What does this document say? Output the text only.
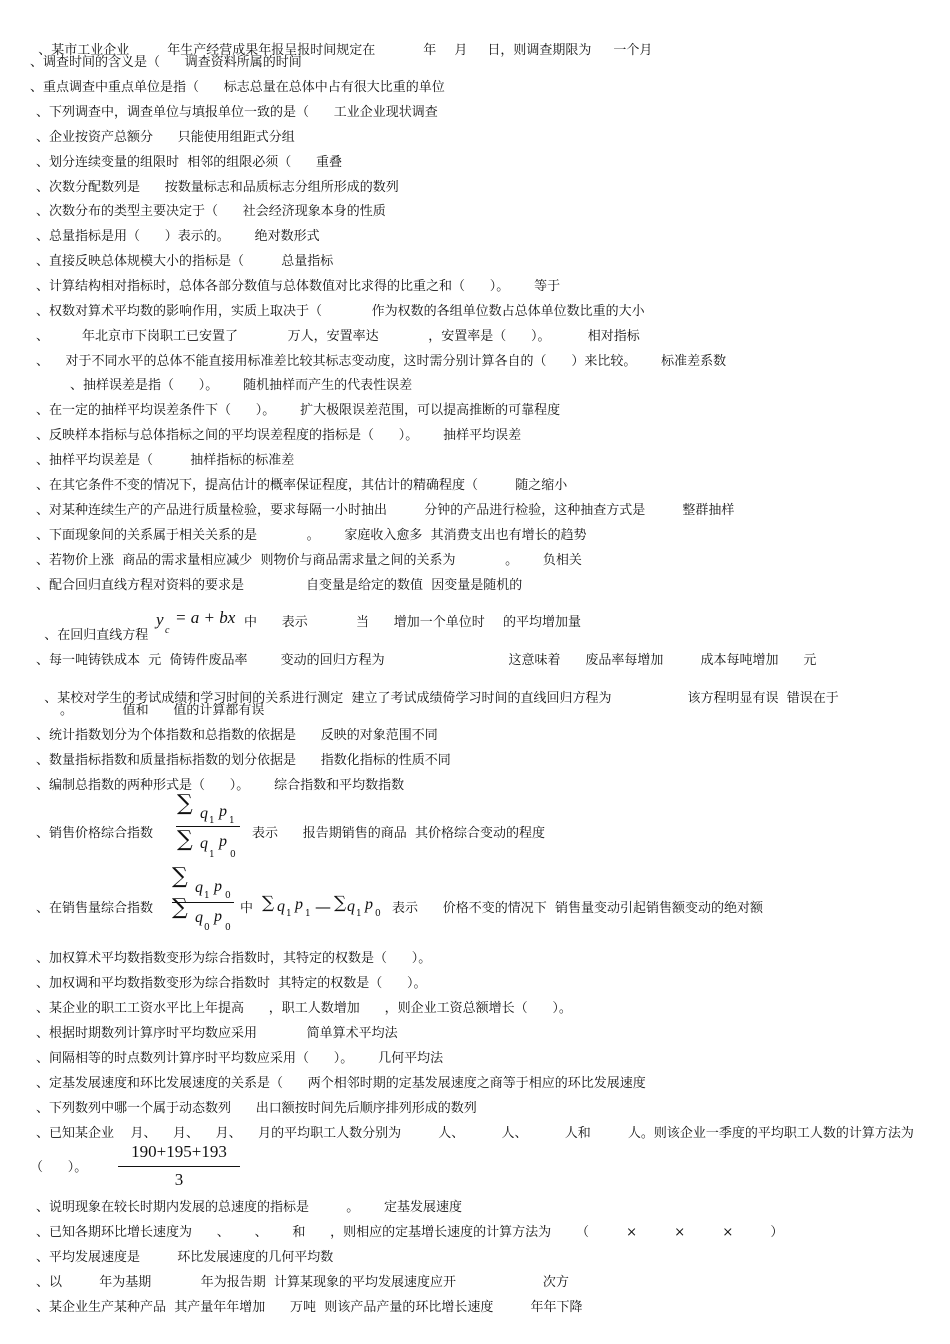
、某市工业企业	年生产经营成果年报呈报时间规定在	年 月 日，则调查期限为 一个月

、调查时间的含义是（      调查资料所属的时间
、重点调查中重点单位是指（      标志总量在总体中占有很大比重的单位
、下列调查中，调查单位与填报单位一致的是（      工业企业现状调查
、企业按资产总额分      只能使用组距式分组
、划分连续变量的组限时  相邻的组限必须（      重叠
、次数分配数列是      按数量标志和品质标志分组所形成的数列
、次数分布的类型主要决定于（      社会经济现象本身的性质
、总量指标是用（      ）表示的。      绝对数形式
、直接反映总体规模大小的指标是（         总量指标
、计算结构相对指标时，总体各部分数值与总体数值对比求得的比重之和（      ）。      等于
、权数对算术平均数的影响作用，实质上取决于（            作为权数的各组单位数占总体单位数比重的大小
、        年北京市下岗职工已安置了            万人，安置率达            ，安置率是（      ）。         相对指标
、    对于不同水平的总体不能直接用标准差比较其标志变动度，这时需分别计算各自的（      ）来比较。      标准差系数
、抽样误差是指（      ）。      随机抽样而产生的代表性误差
、在一定的抽样平均误差条件下（      ）。      扩大极限误差范围，可以提高推断的可靠程度
、反映样本指标与总体指标之间的平均误差程度的指标是（      ）。      抽样平均误差
、抽样平均误差是（         抽样指标的标准差
、在其它条件不变的情况下，提高估计的概率保证程度，其估计的精确程度（         随之缩小
、对某种连续生产的产品进行质量检验，要求每隔一小时抽出         分钟的产品进行检验，这种抽查方式是         整群抽样
、下面现象间的关系属于相关关系的是            。      家庭收入愈多  其消费支出也有增长的趋势
、若物价上涨  商品的需求量相应减少  则物价与商品需求量之间的关系为            。      负相关
、配合回归直线方程对资料的要求是               自变量是给定的数值  因变量是随机的

、在回归直线方程

y
c
= a + bx 中      表示	当      增加一个单位时 的平均增加量
、每一吨铸铁成本  元  倚铸件废品率        变动的回归方程为                              这意味着      废品率每增加         成本每吨增加      元

、某校对学生的考试成绩和学习时间的关系进行测定  建立了考试成绩倚学习时间的直线回归方程为	该方程明显有误  错误在于

。            值和      值的计算都有误
、统计指数划分为个体指数和总指数的依据是      反映的对象范围不同
、数量指标指数和质量指标指数的划分依据是      指数化指标的性质不同
、编制总指数的两种形式是（      ）。      综合指数和平均数指数
、销售价格综合指数
∑ q 1
p
1
∑ q
1
p
0
表示      报告期销售的商品  其价格综合变动的程度
、在销售量综合指数
∑ q 1
p
0
∑ q
0
p
0
中 ∑ q 1
p
1 — ∑ q 1
p
0 表示      价格不变的情况下  销售量变动引起销售额变动的绝对额
、加权算术平均数指数变形为综合指数时，其特定的权数是（      ）。
、加权调和平均数指数变形为综合指数时  其特定的权数是（      ）。
、某企业的职工工资水平比上年提高      ，职工人数增加      ，则企业工资总额增长（      ）。
、根据时期数列计算序时平均数应采用            简单算术平均法
、间隔相等的时点数列计算序时平均数应采用（      ）。      几何平均法
、定基发展速度和环比发展速度的关系是（      两个相邻时期的定基发展速度之商等于相应的环比发展速度
、下列数列中哪一个属于动态数列      出口额按时间先后顺序排列形成的数列
、已知某企业    月、    月、    月、    月的平均职工人数分别为         人、         人、         人和         人。则该企业一季度的平均职工人数的计算方法为
（      ）。
190+195+193
3
、说明现象在较长时期内发展的总速度的指标是         。      定基发展速度
、已知各期环比增长速度为      、      、      和      ，则相应的定基增长速度的计算方法为      （         ×         ×         ×         ）
、平均发展速度是         环比发展速度的几何平均数
、以         年为基期            年为报告期  计算某现象的平均发展速度应开                     次方
、某企业生产某种产品  其产量年年增加      万吨  则该产品产量的环比增长速度         年年下降
